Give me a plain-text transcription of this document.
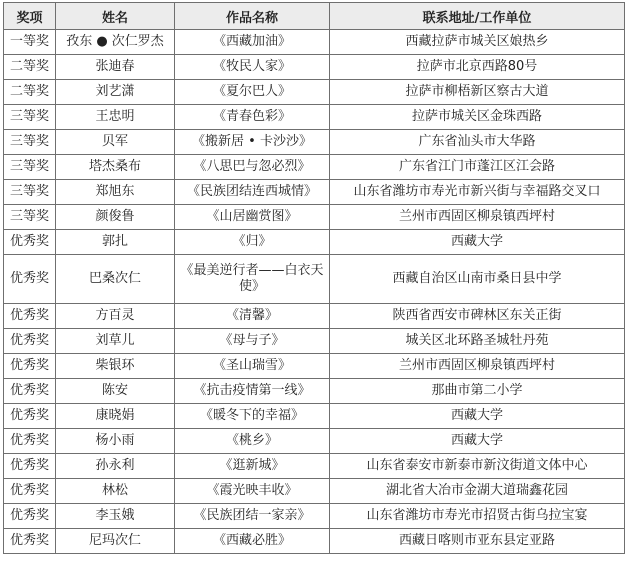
奖项	姓名	作品名称	联系地址/工作单位
一等奖	孜东 ● 次仁罗杰	《西藏加油》	西藏拉萨市城关区娘热乡
二等奖	张迪春	《牧民人家》	拉萨市北京西路80号
二等奖	刘艺潇	《夏尔巴人》	拉萨市柳梧新区察古大道
三等奖	王忠明	《青春色彩》	拉萨市城关区金珠西路
三等奖	贝军	《搬新居 • 卡沙沙》	广东省汕头市大华路
三等奖	塔杰桑布	《八思巴与忽必烈》	广东省江门市蓬江区江会路
三等奖	郑旭东	《民族团结连西城情》	山东省潍坊市寿光市新兴街与幸福路交叉口
三等奖	颜俊鲁	《山居幽赏图》	兰州市西固区柳泉镇西坪村
优秀奖	郭扎	《归》	西藏大学
优秀奖	巴桑次仁	《最美逆行者——白衣天使》	西藏自治区山南市桑日县中学
优秀奖	方百灵	《清馨》	陕西省西安市碑林区东关正街
优秀奖	刘草儿	《母与子》	城关区北环路圣城牡丹苑
优秀奖	柴银环	《圣山瑞雪》	兰州市西固区柳泉镇西坪村
优秀奖	陈安	《抗击疫情第一线》	那曲市第二小学
优秀奖	康晓娟	《暖冬下的幸福》	西藏大学
优秀奖	杨小雨	《桃乡》	西藏大学
优秀奖	孙永利	《逛新城》	山东省泰安市新泰市新汶街道文体中心
优秀奖	林松	《霞光映丰收》	湖北省大冶市金湖大道瑞鑫花园
优秀奖	李玉娥	《民族团结一家亲》	山东省潍坊市寿光市招贤古街乌拉宝宴
优秀奖	尼玛次仁	《西藏必胜》	西藏日喀则市亚东县定亚路
